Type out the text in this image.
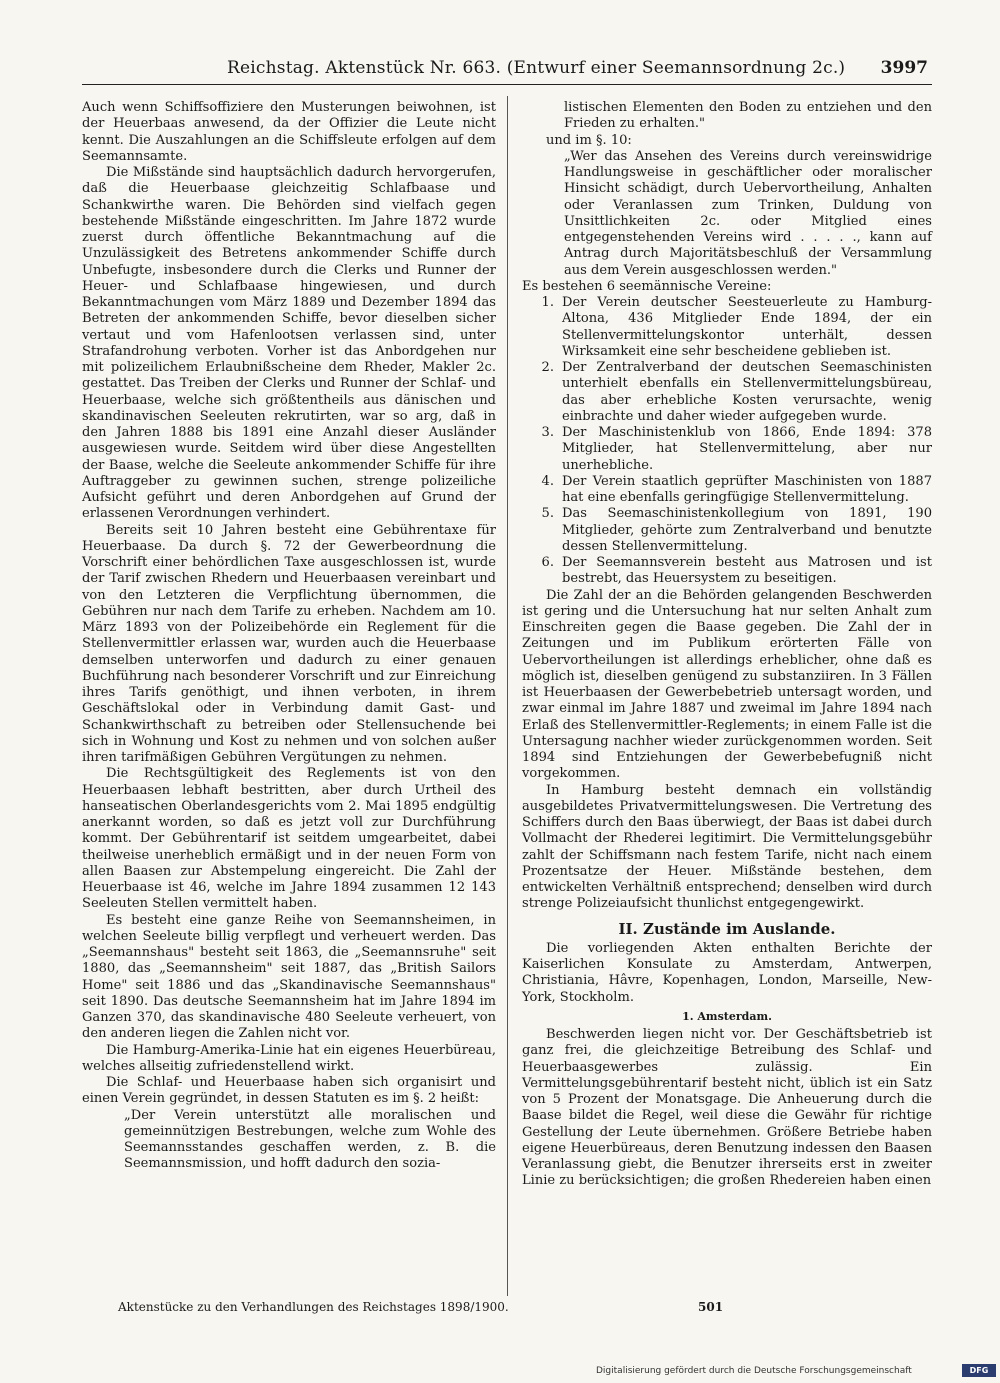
Reichstag. Aktenstück Nr. 663. (Entwurf einer Seemannsordnung 2c.) 3997

Auch wenn Schiffsoffiziere den Musterungen beiwohnen, ist der Heuerbaas anwesend, da der Offizier die Leute nicht kennt. Die Auszahlungen an die Schiffsleute erfolgen auf dem Seemannsamte.

Die Mißstände sind hauptsächlich dadurch hervorgerufen, daß die Heuerbaase gleichzeitig Schlafbaase und Schankwirthe waren. Die Behörden sind vielfach gegen bestehende Mißstände eingeschritten. Im Jahre 1872 wurde zuerst durch öffentliche Bekanntmachung auf die Unzulässigkeit des Betretens ankommender Schiffe durch Unbefugte, insbesondere durch die Clerks und Runner der Heuer- und Schlafbaase hingewiesen, und durch Bekanntmachungen vom März 1889 und Dezember 1894 das Betreten der ankommenden Schiffe, bevor dieselben sicher vertaut und vom Hafenlootsen verlassen sind, unter Strafandrohung verboten. Vorher ist das Anbordgehen nur mit polizeilichem Erlaubnißscheine dem Rheder, Makler 2c. gestattet. Das Treiben der Clerks und Runner der Schlaf- und Heuerbaase, welche sich größtentheils aus dänischen und skandinavischen Seeleuten rekrutirten, war so arg, daß in den Jahren 1888 bis 1891 eine Anzahl dieser Ausländer ausgewiesen wurde. Seitdem wird über diese Angestellten der Baase, welche die Seeleute ankommender Schiffe für ihre Auftraggeber zu gewinnen suchen, strenge polizeiliche Aufsicht geführt und deren Anbordgehen auf Grund der erlassenen Verordnungen verhindert.

Bereits seit 10 Jahren besteht eine Gebührentaxe für Heuerbaase. Da durch §. 72 der Gewerbeordnung die Vorschrift einer behördlichen Taxe ausgeschlossen ist, wurde der Tarif zwischen Rhedern und Heuerbaasen vereinbart und von den Letzteren die Verpflichtung übernommen, die Gebühren nur nach dem Tarife zu erheben. Nachdem am 10. März 1893 von der Polizeibehörde ein Reglement für die Stellenvermittler erlassen war, wurden auch die Heuerbaase demselben unterworfen und dadurch zu einer genauen Buchführung nach besonderer Vorschrift und zur Einreichung ihres Tarifs genöthigt, und ihnen verboten, in ihrem Geschäftslokal oder in Verbindung damit Gast- und Schankwirthschaft zu betreiben oder Stellensuchende bei sich in Wohnung und Kost zu nehmen und von solchen außer ihren tarifmäßigen Gebühren Vergütungen zu nehmen.

Die Rechtsgültigkeit des Reglements ist von den Heuerbaasen lebhaft bestritten, aber durch Urtheil des hanseatischen Oberlandesgerichts vom 2. Mai 1895 endgültig anerkannt worden, so daß es jetzt voll zur Durchführung kommt. Der Gebührentarif ist seitdem umgearbeitet, dabei theilweise unerheblich ermäßigt und in der neuen Form von allen Baasen zur Abstempelung eingereicht. Die Zahl der Heuerbaase ist 46, welche im Jahre 1894 zusammen 12 143 Seeleuten Stellen vermittelt haben.

Es besteht eine ganze Reihe von Seemannsheimen, in welchen Seeleute billig verpflegt und verheuert werden. Das „Seemannshaus" besteht seit 1863, die „Seemannsruhe" seit 1880, das „Seemannsheim" seit 1887, das „British Sailors Home" seit 1886 und das „Skandinavische Seemannshaus" seit 1890. Das deutsche Seemannsheim hat im Jahre 1894 im Ganzen 370, das skandinavische 480 Seeleute verheuert, von den anderen liegen die Zahlen nicht vor.

Die Hamburg-Amerika-Linie hat ein eigenes Heuerbüreau, welches allseitig zufriedenstellend wirkt.

Die Schlaf- und Heuerbaase haben sich organisirt und einen Verein gegründet, in dessen Statuten es im §. 2 heißt:

„Der Verein unterstützt alle moralischen und gemeinnützigen Bestrebungen, welche zum Wohle des Seemannsstandes geschaffen werden, z. B. die Seemannsmission, und hofft dadurch den sozia-

listischen Elementen den Boden zu entziehen und den Frieden zu erhalten."

und im §. 10:

„Wer das Ansehen des Vereins durch vereinswidrige Handlungsweise in geschäftlicher oder moralischer Hinsicht schädigt, durch Uebervortheilung, Anhalten oder Veranlassen zum Trinken, Duldung von Unsittlichkeiten 2c. oder Mitglied eines entgegenstehenden Vereins wird . . . . ., kann auf Antrag durch Majoritätsbeschluß der Versammlung aus dem Verein ausgeschlossen werden."

Es bestehen 6 seemännische Vereine:

1. Der Verein deutscher Seesteuerleute zu Hamburg-Altona, 436 Mitglieder Ende 1894, der ein Stellenvermittelungskontor unterhält, dessen Wirksamkeit eine sehr bescheidene geblieben ist.
2. Der Zentralverband der deutschen Seemaschinisten unterhielt ebenfalls ein Stellenvermittelungsbüreau, das aber erhebliche Kosten verursachte, wenig einbrachte und daher wieder aufgegeben wurde.
3. Der Maschinistenklub von 1866, Ende 1894: 378 Mitglieder, hat Stellenvermittelung, aber nur unerhebliche.
4. Der Verein staatlich geprüfter Maschinisten von 1887 hat eine ebenfalls geringfügige Stellenvermittelung.
5. Das Seemaschinistenkollegium von 1891, 190 Mitglieder, gehörte zum Zentralverband und benutzte dessen Stellenvermittelung.
6. Der Seemannsverein besteht aus Matrosen und ist bestrebt, das Heuersystem zu beseitigen.

Die Zahl der an die Behörden gelangenden Beschwerden ist gering und die Untersuchung hat nur selten Anhalt zum Einschreiten gegen die Baase gegeben. Die Zahl der in Zeitungen und im Publikum erörterten Fälle von Uebervortheilungen ist allerdings erheblicher, ohne daß es möglich ist, dieselben genügend zu substanziiren. In 3 Fällen ist Heuerbaasen der Gewerbebetrieb untersagt worden, und zwar einmal im Jahre 1887 und zweimal im Jahre 1894 nach Erlaß des Stellenvermittler-Reglements; in einem Falle ist die Untersagung nachher wieder zurückgenommen worden. Seit 1894 sind Entziehungen der Gewerbebefugniß nicht vorgekommen.

In Hamburg besteht demnach ein vollständig ausgebildetes Privatvermittelungswesen. Die Vertretung des Schiffers durch den Baas überwiegt, der Baas ist dabei durch Vollmacht der Rhederei legitimirt. Die Vermittelungsgebühr zahlt der Schiffsmann nach festem Tarife, nicht nach einem Prozentsatze der Heuer. Mißstände bestehen, dem entwickelten Verhältniß entsprechend; denselben wird durch strenge Polizeiaufsicht thunlichst entgegengewirkt.

II. Zustände im Auslande.

Die vorliegenden Akten enthalten Berichte der Kaiserlichen Konsulate zu Amsterdam, Antwerpen, Christiania, Hâvre, Kopenhagen, London, Marseille, New-York, Stockholm.

1. Amsterdam.

Beschwerden liegen nicht vor. Der Geschäftsbetrieb ist ganz frei, die gleichzeitige Betreibung des Schlaf- und Heuerbaasgewerbes zulässig. Ein Vermittelungsgebührentarif besteht nicht, üblich ist ein Satz von 5 Prozent der Monatsgage. Die Anheuerung durch die Baase bildet die Regel, weil diese die Gewähr für richtige Gestellung der Leute übernehmen. Größere Betriebe haben eigene Heuerbüreaus, deren Benutzung indessen den Baasen Veranlassung giebt, die Benutzer ihrerseits erst in zweiter Linie zu berücksichtigen; die großen Rhedereien haben einen

Aktenstücke zu den Verhandlungen des Reichstages 1898/1900.	501
Digitalisierung gefördert durch die Deutsche Forschungsgemeinschaft	DFG
